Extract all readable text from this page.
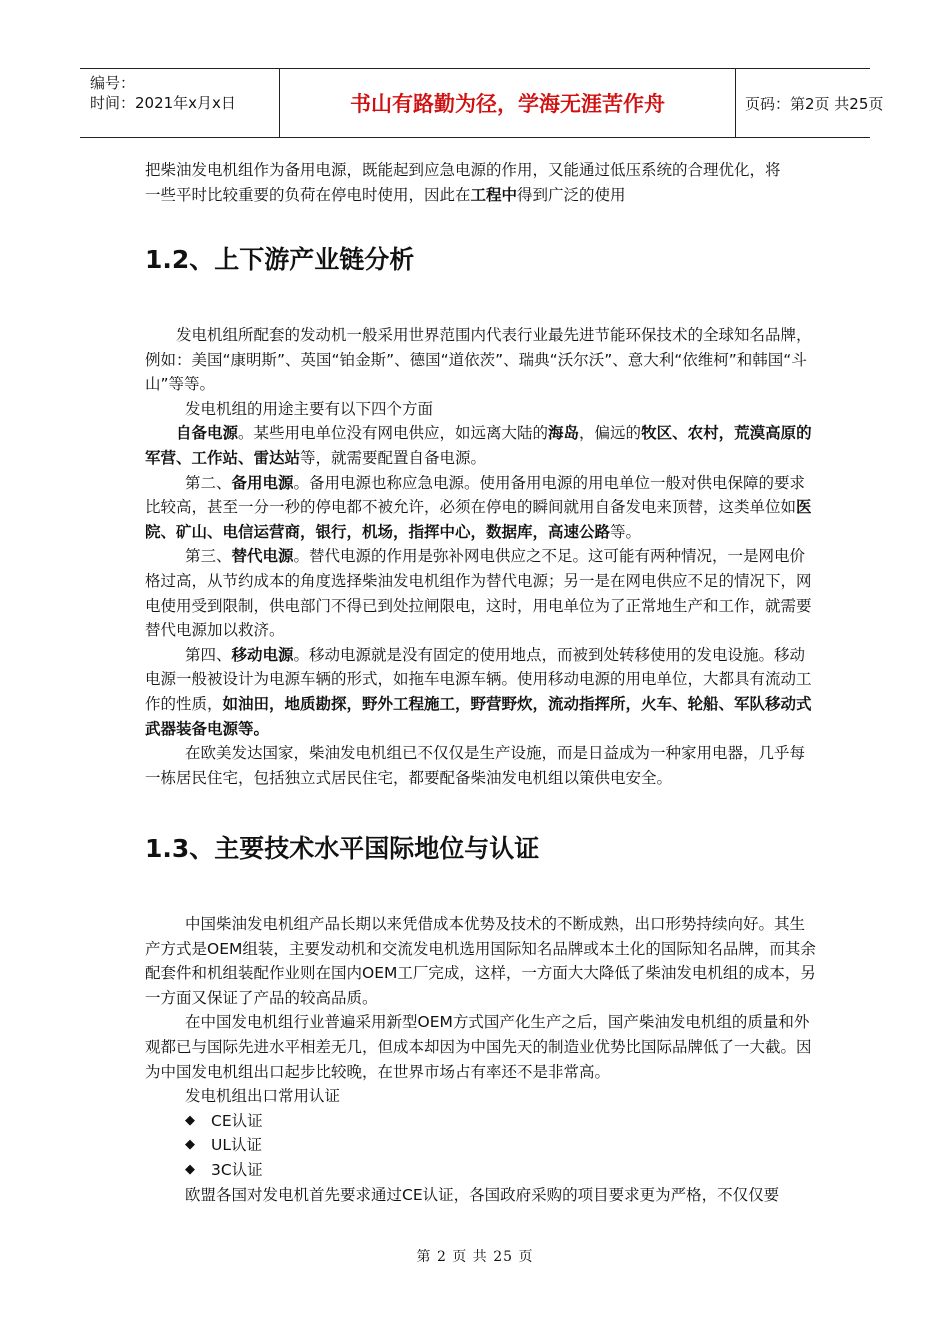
编号：
时间：2021年x月x日	书山有路勤为径，学海无涯苦作舟	页码：第2页 共25页

把柴油发电机组作为备用电源，既能起到应急电源的作用，又能通过低压系统的合理优化，将

一些平时比较重要的负荷在停电时使用，因此在工程中得到广泛的使用

1.2、上下游产业链分析

发电机组所配套的发动机一般采用世界范围内代表行业最先进节能环保技术的全球知名品牌，例如：美国“康明斯”、英国“铂金斯”、德国“道依茨”、瑞典“沃尔沃”、意大利“依维柯”和韩国“斗山”等等。

发电机组的用途主要有以下四个方面

自备电源。某些用电单位没有网电供应，如远离大陆的海岛，偏远的牧区、农村，荒漠高原的军营、工作站、雷达站等，就需要配置自备电源。

第二、备用电源。备用电源也称应急电源。使用备用电源的用电单位一般对供电保障的要求比较高，甚至一分一秒的停电都不被允许，必须在停电的瞬间就用自备发电来顶替，这类单位如医院、矿山、电信运营商，银行，机场，指挥中心，数据库，高速公路等。

第三、替代电源。替代电源的作用是弥补网电供应之不足。这可能有两种情况，一是网电价格过高，从节约成本的角度选择柴油发电机组作为替代电源；另一是在网电供应不足的情况下，网电使用受到限制，供电部门不得已到处拉闸限电，这时，用电单位为了正常地生产和工作，就需要替代电源加以救济。

第四、移动电源。移动电源就是没有固定的使用地点，而被到处转移使用的发电设施。移动电源一般被设计为电源车辆的形式，如拖车电源车辆。使用移动电源的用电单位，大都具有流动工作的性质，如油田，地质勘探，野外工程施工，野营野炊，流动指挥所，火车、轮船、军队移动式武器装备电源等。

在欧美发达国家，柴油发电机组已不仅仅是生产设施，而是日益成为一种家用电器，几乎每一栋居民住宅，包括独立式居民住宅，都要配备柴油发电机组以策供电安全。

1.3、主要技术水平国际地位与认证

中国柴油发电机组产品长期以来凭借成本优势及技术的不断成熟，出口形势持续向好。其生产方式是OEM组装，主要发动机和交流发电机选用国际知名品牌或本土化的国际知名品牌，而其余配套件和机组装配作业则在国内OEM工厂完成，这样，一方面大大降低了柴油发电机组的成本，另一方面又保证了产品的较高品质。

在中国发电机组行业普遍采用新型OEM方式国产化生产之后，国产柴油发电机组的质量和外观都已与国际先进水平相差无几，但成本却因为中国先天的制造业优势比国际品牌低了一大截。因为中国发电机组出口起步比较晚，在世界市场占有率还不是非常高。

发电机组出口常用认证

◆	CE认证
◆	UL认证
◆	3C认证

欧盟各国对发电机首先要求通过CE认证，各国政府采购的项目要求更为严格，不仅仅要

第 2 页 共 25 页
